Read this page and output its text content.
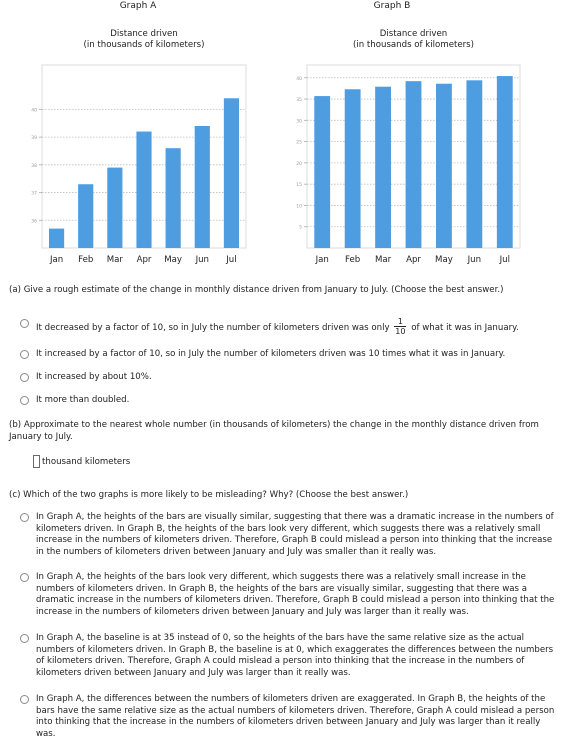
Graph A	Graph B
Distance driven
(in thousands of kilometers)
36
37
38
39
40
Jan Feb Mar Apr May Jun Jul
Distance driven
(in thousands of kilometers)
5
10
15
20
25
30
35
40
Jan Feb Mar Apr May Jun Jul
(a) Give a rough estimate of the change in monthly distance driven from January to July. (Choose the best answer.)
It decreased by a factor of 10, so in July the number of kilometers driven was only $\frac{1}{10}$ of what it was in January.
It increased by a factor of 10, so in July the number of kilometers driven was 10 times what it was in January.
It increased by about 10%.
It more than doubled.
(b) Approximate to the nearest whole number (in thousands of kilometers) the change in the monthly distance driven from January to July.
thousand kilometers
(c) Which of the two graphs is more likely to be misleading? Why? (Choose the best answer.)
In Graph A, the heights of the bars are visually similar, suggesting that there was a dramatic increase in the numbers of kilometers driven. In Graph B, the heights of the bars look very different, which suggests there was a relatively small increase in the numbers of kilometers driven. Therefore, Graph B could mislead a person into thinking that the increase in the numbers of kilometers driven between January and July was smaller than it really was.
In Graph A, the heights of the bars look very different, which suggests there was a relatively small increase in the numbers of kilometers driven. In Graph B, the heights of the bars are visually similar, suggesting that there was a dramatic increase in the numbers of kilometers driven. Therefore, Graph B could mislead a person into thinking that the increase in the numbers of kilometers driven between January and July was larger than it really was.
In Graph A, the baseline is at 35 instead of 0, so the heights of the bars have the same relative size as the actual numbers of kilometers driven. In Graph B, the baseline is at 0, which exaggerates the differences between the numbers of kilometers driven. Therefore, Graph A could mislead a person into thinking that the increase in the numbers of kilometers driven between January and July was larger than it really was.
In Graph A, the differences between the numbers of kilometers driven are exaggerated. In Graph B, the heights of the bars have the same relative size as the actual numbers of kilometers driven. Therefore, Graph A could mislead a person into thinking that the increase in the numbers of kilometers driven between January and July was larger than it really was.
